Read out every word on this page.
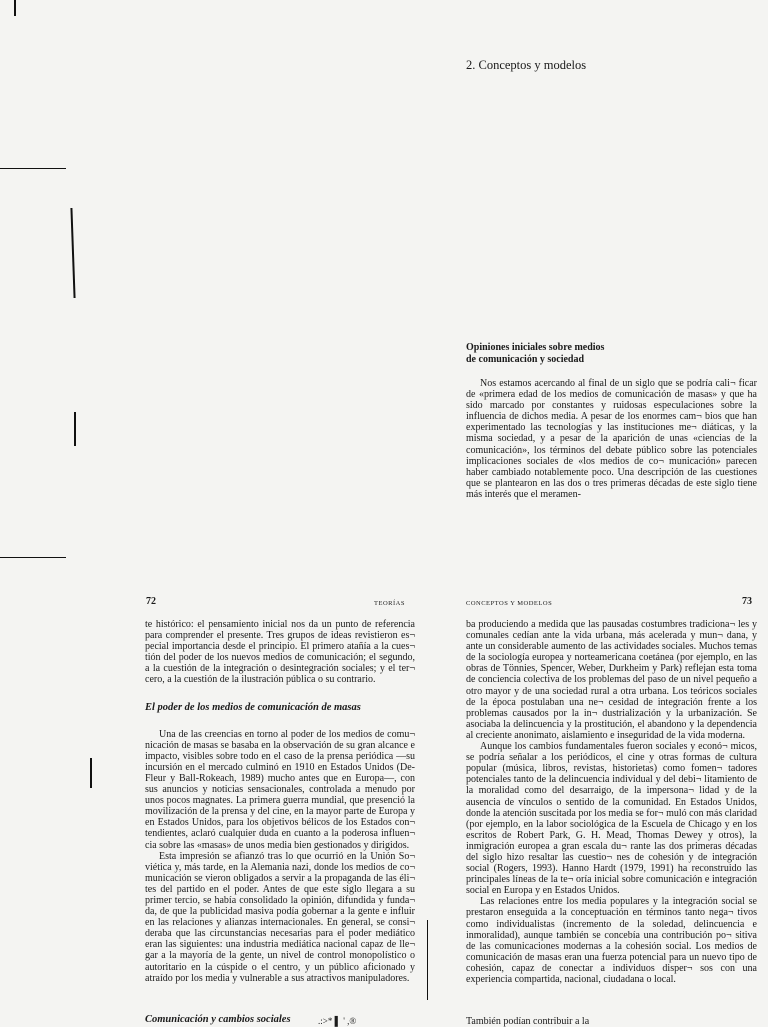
2. Conceptos y modelos
Opiniones iniciales sobre medios
de comunicación y sociedad

Nos estamos acercando al final de un siglo que se podría cali¬ ficar de «primera edad de los medios de comunicación de masas» y que ha sido marcado por constantes y ruidosas especulaciones sobre la influencia de dichos media. A pesar de los enormes cam¬ bios que han experimentado las tecnologías y las instituciones me¬ diáticas, y la misma sociedad, y a pesar de la aparición de unas «ciencias de la comunicación», los términos del debate público sobre las potenciales implicaciones sociales de «los medios de co¬ municación» parecen haber cambiado notablemente poco. Una descripción de las cuestiones que se plantearon en las dos o tres primeras décadas de este siglo tiene más interés que el meramen-

72	TEORÍAS

te histórico: el pensamiento inicial nos da un punto de referencia para comprender el presente. Tres grupos de ideas revistieron es¬ pecial importancia desde el principio. El primero atañía a la cues¬ tión del poder de los nuevos medios de comunicación; el segundo, a la cuestión de la integración o desintegración sociales; y el ter¬ cero, a la cuestión de la ilustración pública o su contrario.

El poder de los medios de comunicación de masas

Una de las creencias en torno al poder de los medios de comu¬ nicación de masas se basaba en la observación de su gran alcance e impacto, visibles sobre todo en el caso de la prensa periódica —su incursión en el mercado culminó en 1910 en Estados Unidos (De-Fleur y Ball-Rokeach, 1989) mucho antes que en Europa—, con sus anuncios y noticias sensacionales, controlada a menudo por unos pocos magnates. La primera guerra mundial, que presenció la movilización de la prensa y del cine, en la mayor parte de Europa y en Estados Unidos, para los objetivos bélicos de los Estados con¬ tendientes, aclaró cualquier duda en cuanto a la poderosa influen¬ cia sobre las «masas» de unos media bien gestionados y dirigidos.

Esta impresión se afianzó tras lo que ocurrió en la Unión So¬ viética y, más tarde, en la Alemania nazi, donde los medios de co¬ municación se vieron obligados a servir a la propaganda de las éli¬ tes del partido en el poder. Antes de que este siglo llegara a su primer tercio, se había consolidado la opinión, difundida y funda¬ da, de que la publicidad masiva podía gobernar a la gente e influir en las relaciones y alianzas internacionales. En general, se consi¬ deraba que las circunstancias necesarias para el poder mediático eran las siguientes: una industria mediática nacional capaz de lle¬ gar a la mayoría de la gente, un nivel de control monopolístico o autoritario en la cúspide o el centro, y un público aficionado y atraído por los media y vulnerable a sus atractivos manipuladores.

Comunicación y cambios sociales	.:>* ▌ ' ,®
CONCEPTOS Y MODELOS	73

ba produciendo a medida que las pausadas costumbres tradiciona¬ les y comunales cedían ante la vida urbana, más acelerada y mun¬ dana, y ante un considerable aumento de las actividades sociales. Muchos temas de la sociología europea y norteamericana coetánea (por ejemplo, en las obras de Tönnies, Spencer, Weber, Durkheim y Park) reflejan esta toma de conciencia colectiva de los problemas del paso de un nivel pequeño a otro mayor y de una sociedad rural a otra urbana. Los teóricos sociales de la época postulaban una ne¬ cesidad de integración frente a los problemas causados por la in¬ dustrialización y la urbanización. Se asociaba la delincuencia y la prostitución, el abandono y la dependencia al creciente anonimato, aislamiento e inseguridad de la vida moderna.

Aunque los cambios fundamentales fueron sociales y econó¬ micos, se podría señalar a los periódicos, el cine y otras formas de cultura popular (música, libros, revistas, historietas) como fomen¬ tadores potenciales tanto de la delincuencia individual y del debi¬ litamiento de la moralidad como del desarraigo, de la impersona¬ lidad y de la ausencia de vínculos o sentido de la comunidad. En Estados Unidos, donde la atención suscitada por los media se for¬ muló con más claridad (por ejemplo, en la labor sociológica de la Escuela de Chicago y en los escritos de Robert Park, G. H. Mead, Thomas Dewey y otros), la inmigración europea a gran escala du¬ rante las dos primeras décadas del siglo hizo resaltar las cuestio¬ nes de cohesión y de integración social (Rogers, 1993). Hanno Hardt (1979, 1991) ha reconstruido las principales líneas de la te¬ oría inicial sobre comunicación e integración social en Europa y en Estados Unidos.

Las relaciones entre los media populares y la integración social se prestaron enseguida a la conceptuación en términos tanto nega¬ tivos como individualistas (incremento de la soledad, delincuencia e inmoralidad), aunque también se concebía una contribución po¬ sitiva de las comunicaciones modernas a la cohesión social. Los medios de comunicación de masas eran una fuerza potencial para un nuevo tipo de cohesión, capaz de conectar a individuos disper¬ sos con una experiencia compartida, nacional, ciudadana o local.

También podían contribuir a la
